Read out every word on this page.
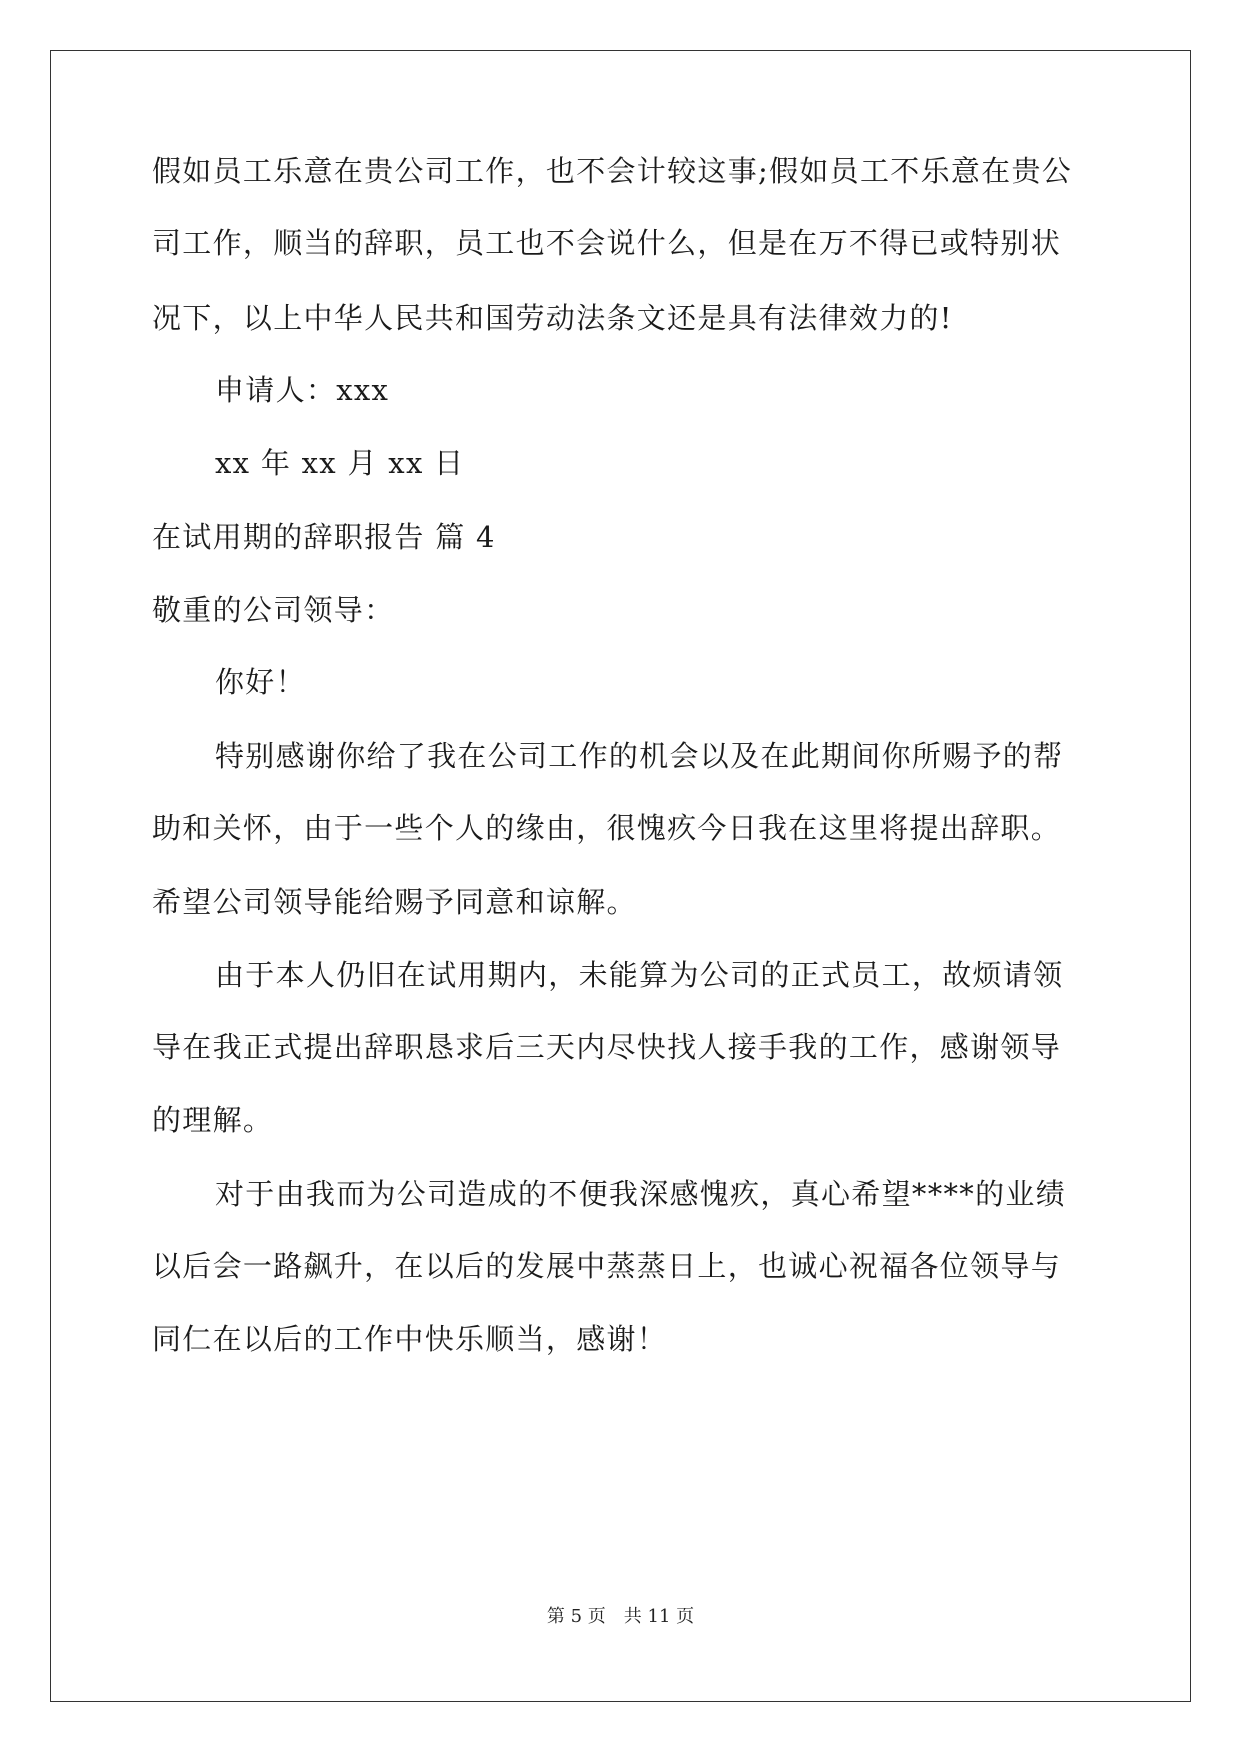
假如员工乐意在贵公司工作，也不会计较这事;假如员工不乐意在贵公
司工作，顺当的辞职，员工也不会说什么，但是在万不得已或特别状
况下，以上中华人民共和国劳动法条文还是具有法律效力的!
申请人：xxx
xx 年 xx 月 xx 日
在试用期的辞职报告 篇 4
敬重的公司领导：
你好！
特别感谢你给了我在公司工作的机会以及在此期间你所赐予的帮
助和关怀，由于一些个人的缘由，很愧疚今日我在这里将提出辞职。
希望公司领导能给赐予同意和谅解。
由于本人仍旧在试用期内，未能算为公司的正式员工，故烦请领
导在我正式提出辞职恳求后三天内尽快找人接手我的工作，感谢领导
的理解。
对于由我而为公司造成的不便我深感愧疚，真心希望****的业绩
以后会一路飙升，在以后的发展中蒸蒸日上，也诚心祝福各位领导与
同仁在以后的工作中快乐顺当，感谢！
第 5 页　共 11 页
